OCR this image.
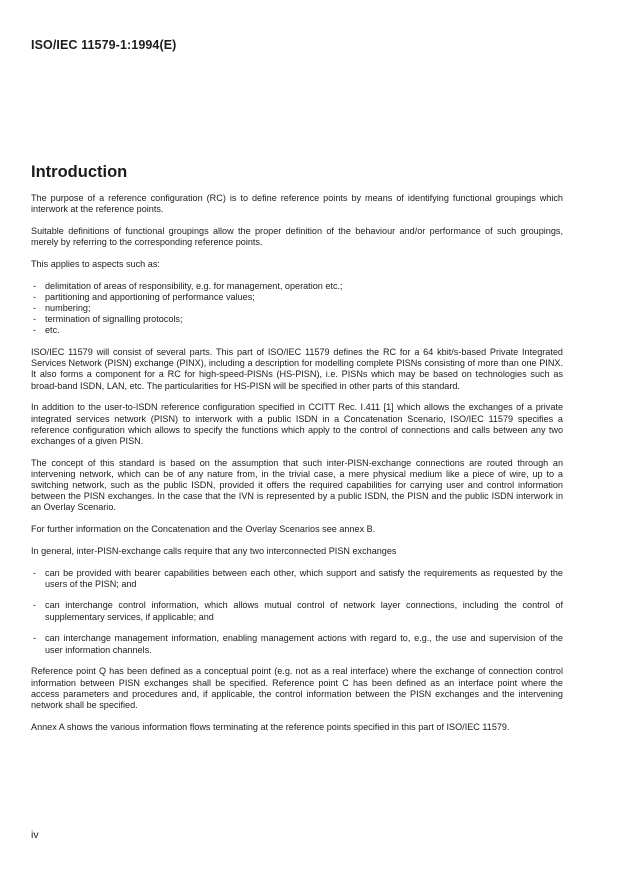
ISO/IEC 11579-1:1994(E)
Introduction

The purpose of a reference configuration (RC) is to define reference points by means of identifying functional groupings which interwork at the reference points.

Suitable definitions of functional groupings allow the proper definition of the behaviour and/or performance of such groupings, merely by referring to the corresponding reference points.

This applies to aspects such as:

- delimitation of areas of responsibility, e.g. for management, operation etc.;
- partitioning and apportioning of performance values;
- numbering;
- termination of signalling protocols;
- etc.

ISO/IEC 11579 will consist of several parts. This part of ISO/IEC 11579 defines the RC for a 64 kbit/s-based Private Integrated Services Network (PISN) exchange (PINX), including a description for modelling complete PISNs consisting of more than one PINX. It also forms a component for a RC for high-speed-PISNs (HS-PISN), i.e. PISNs which may be based on technologies such as broad-band ISDN, LAN, etc. The particularities for HS-PISN will be specified in other parts of this standard.

In addition to the user-to-ISDN reference configuration specified in CCITT Rec. I.411 [1] which allows the exchanges of a private integrated services network (PISN) to interwork with a public ISDN in a Concatenation Scenario, ISO/IEC 11579 specifies a reference configuration which allows to specify the functions which apply to the control of connections and calls between any two exchanges of a given PISN.

The concept of this standard is based on the assumption that such inter-PISN-exchange connections are routed through an intervening network, which can be of any nature from, in the trivial case, a mere physical medium like a piece of wire, up to a switching network, such as the public ISDN, provided it offers the required capabilities for carrying user and control information between the PISN exchanges. In the case that the IVN is represented by a public ISDN, the PISN and the public ISDN interwork in an Overlay Scenario.

For further information on the Concatenation and the Overlay Scenarios see annex B.

In general, inter-PISN-exchange calls require that any two interconnected PISN exchanges

- can be provided with bearer capabilities between each other, which support and satisfy the requirements as requested by the users of the PISN; and
- can interchange control information, which allows mutual control of network layer connections, including the control of supplementary services, if applicable; and
- can interchange management information, enabling management actions with regard to, e.g., the use and supervision of the user information channels.

Reference point Q has been defined as a conceptual point (e.g. not as a real interface) where the exchange of connection control information between PISN exchanges shall be specified. Reference point C has been defined as an interface point where the access parameters and procedures and, if applicable, the control information between the PISN exchanges and the intervening network shall be specified.

Annex A shows the various information flows terminating at the reference points specified in this part of ISO/IEC 11579.

iv
